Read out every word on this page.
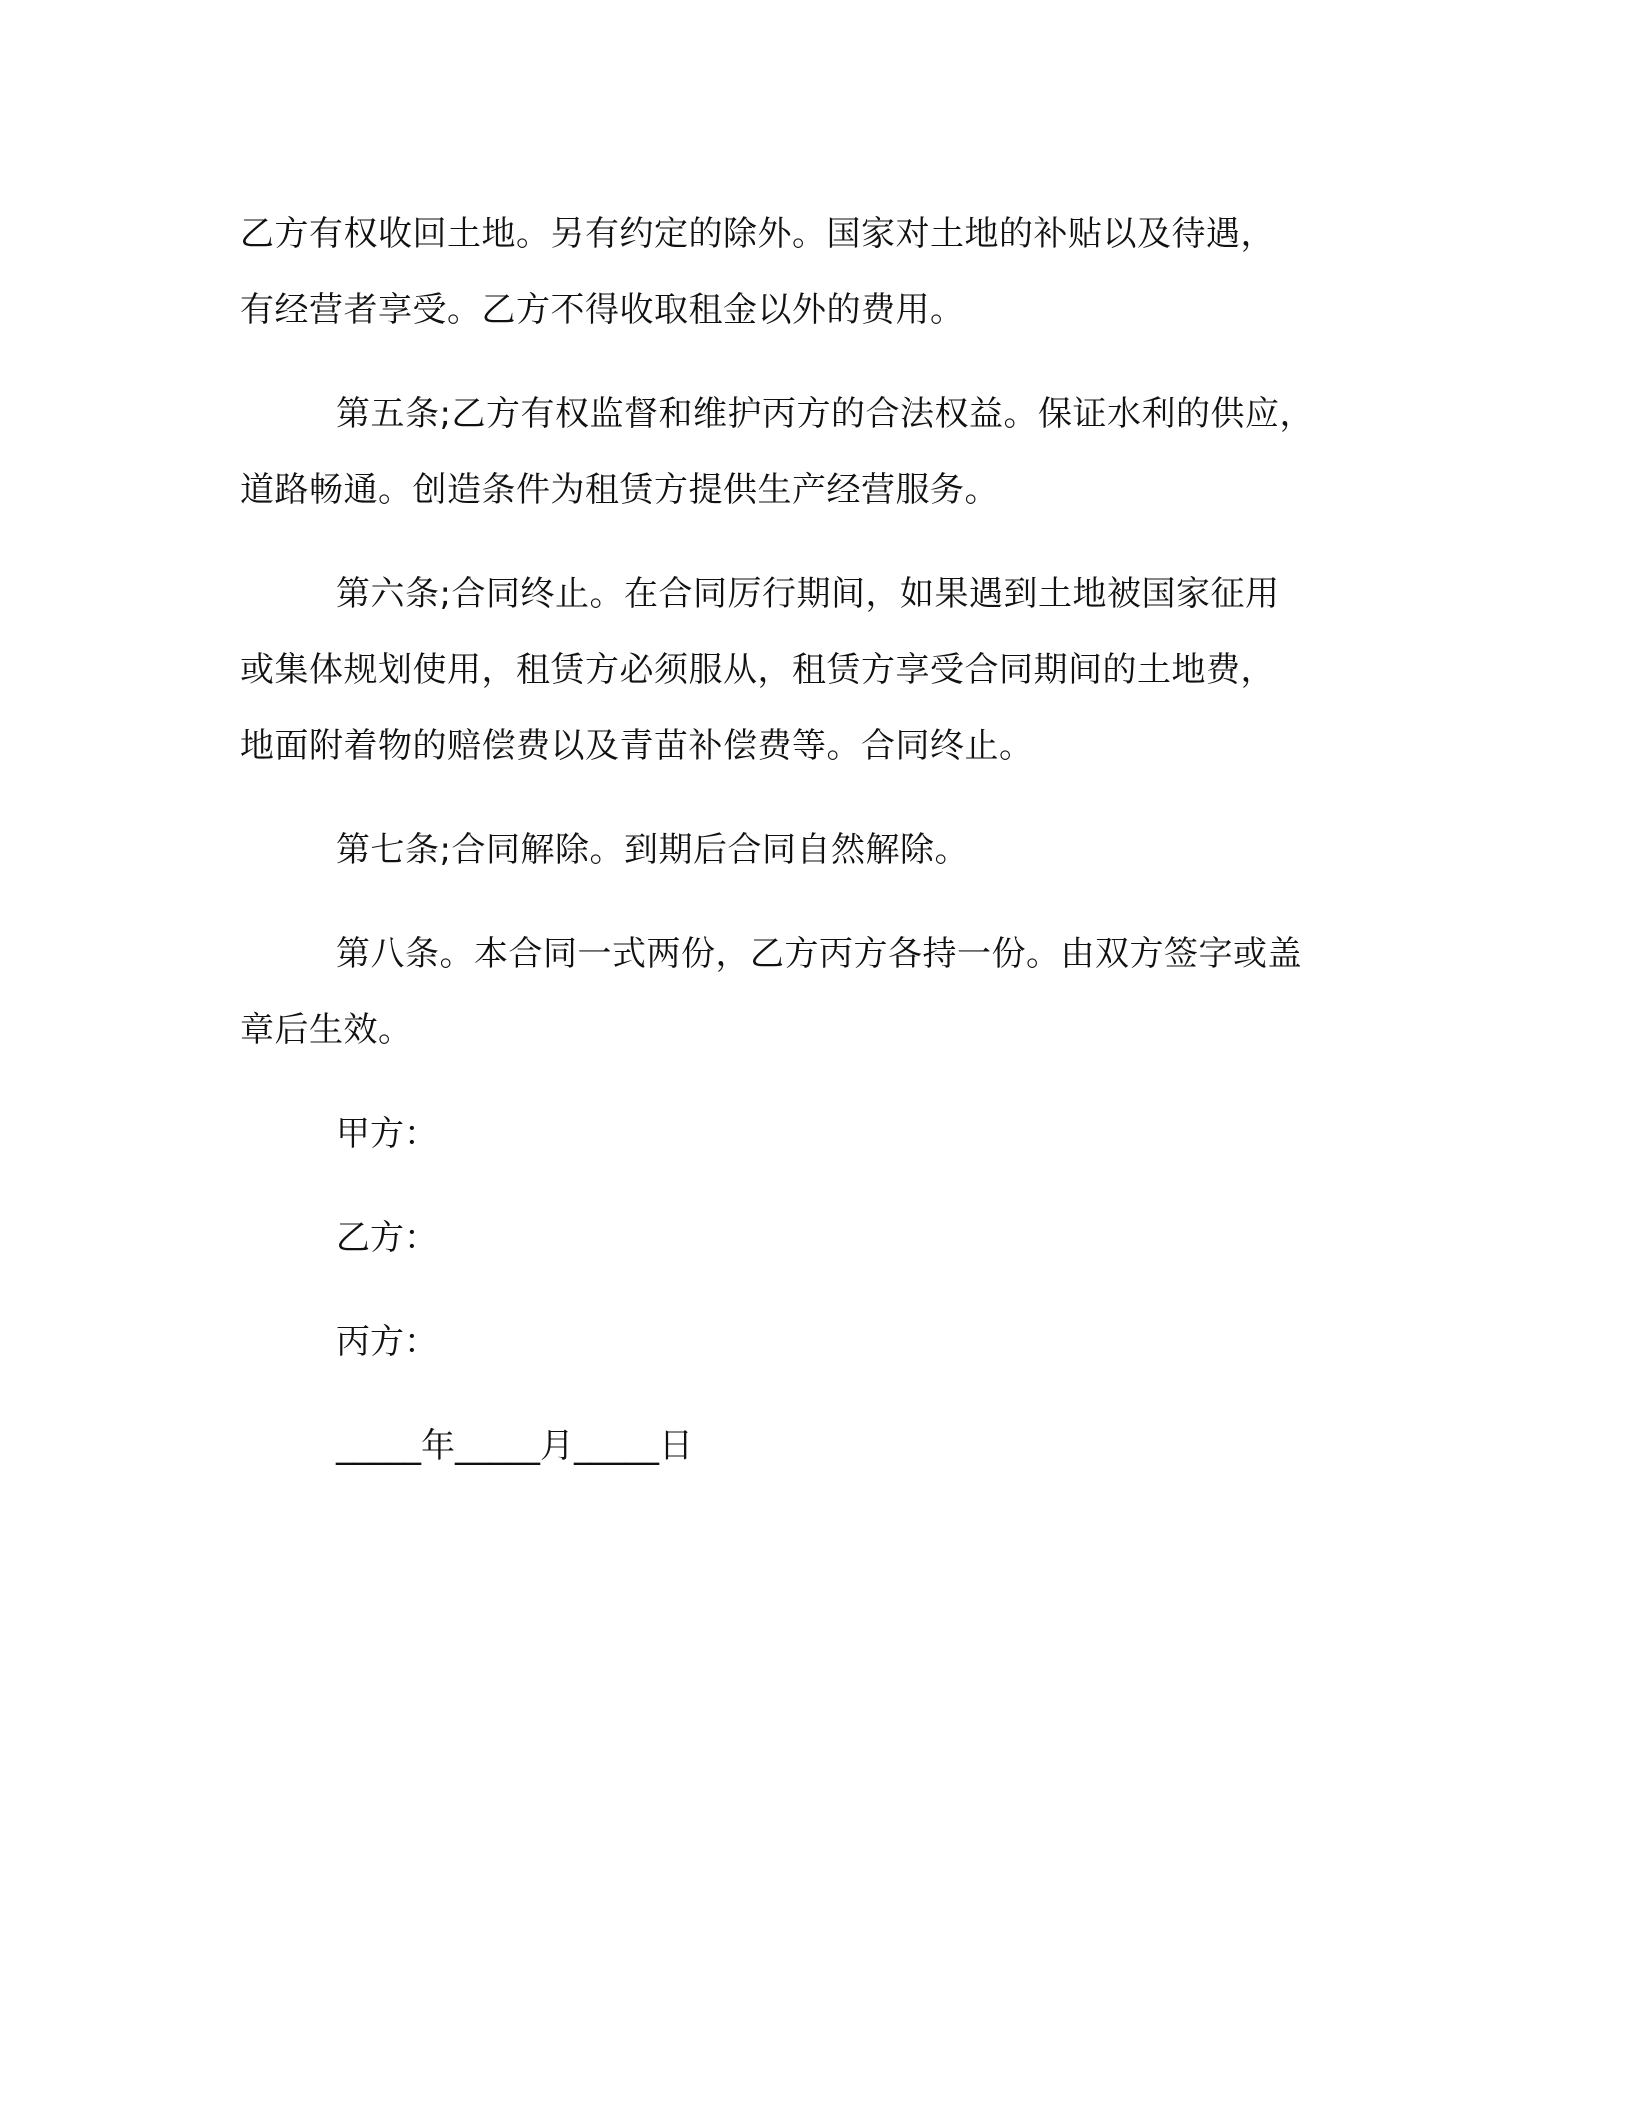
乙方有权收回土地。另有约定的除外。国家对土地的补贴以及待遇，
有经营者享受。乙方不得收取租金以外的费用。

第五条;乙方有权监督和维护丙方的合法权益。保证水利的供应，
道路畅通。创造条件为租赁方提供生产经营服务。

第六条;合同终止。在合同厉行期间，如果遇到土地被国家征用
或集体规划使用，租赁方必须服从，租赁方享受合同期间的土地费，
地面附着物的赔偿费以及青苗补偿费等。合同终止。

第七条;合同解除。到期后合同自然解除。

第八条。本合同一式两份，乙方丙方各持一份。由双方签字或盖
章后生效。

甲方：
乙方：
丙方：
_____年_____月_____日
